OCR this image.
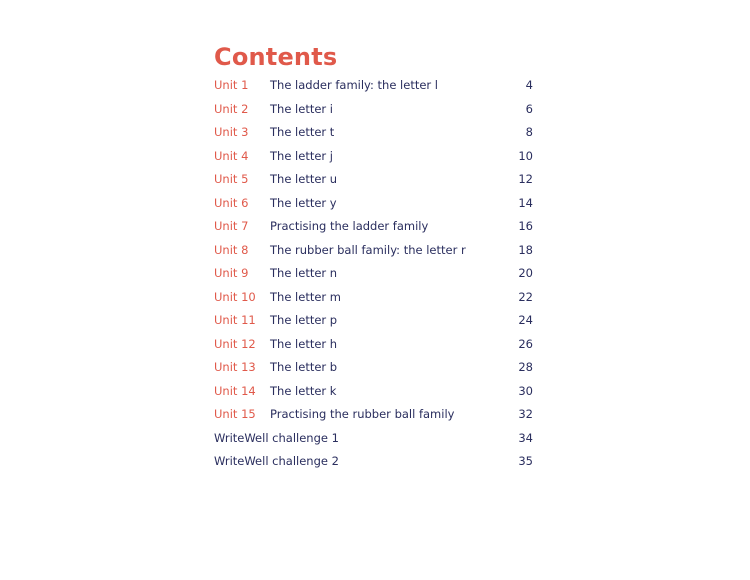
Contents
Unit 1 The ladder family: the letter l	4
Unit 2 The letter i	6
Unit 3 The letter t	8
Unit 4 The letter j	10
Unit 5 The letter u	12
Unit 6 The letter y	14
Unit 7 Practising the ladder family	16
Unit 8 The rubber ball family: the letter r	18
Unit 9 The letter n	20
Unit 10 The letter m	22
Unit 11 The letter p	24
Unit 12 The letter h	26
Unit 13 The letter b	28
Unit 14 The letter k	30
Unit 15 Practising the rubber ball family	32
WriteWell challenge 1	34
WriteWell challenge 2	35
